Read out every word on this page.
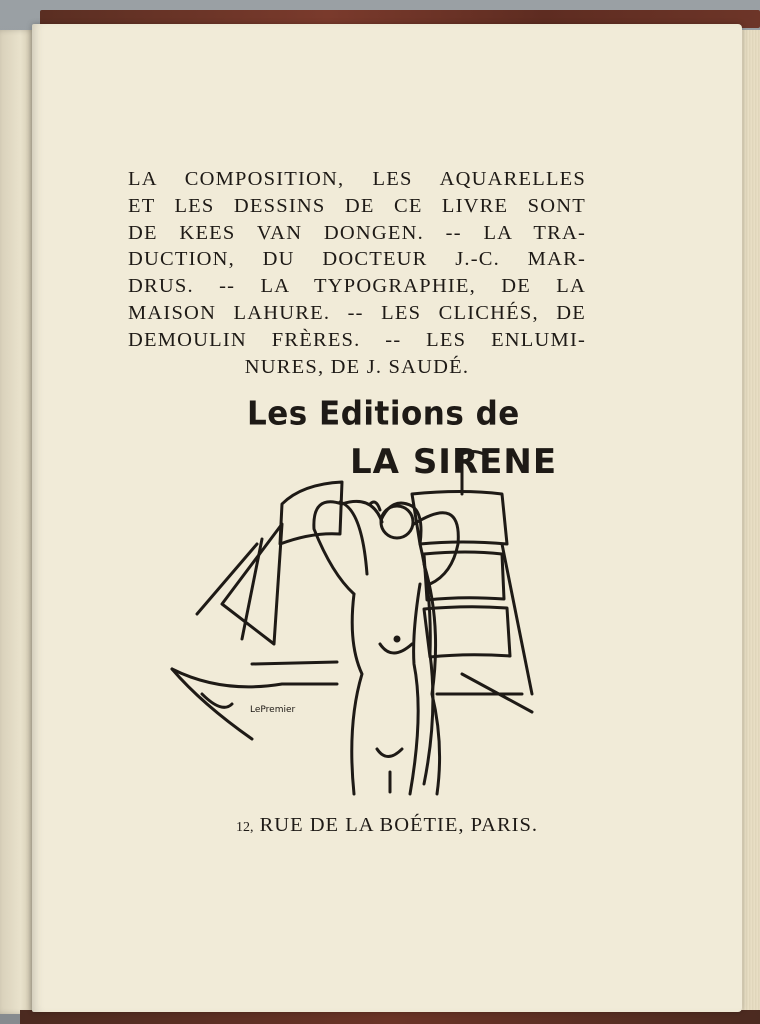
LA COMPOSITION, LES AQUARELLES
ET LES DESSINS DE CE LIVRE SONT
DE KEES VAN DONGEN. -- LA TRA-
DUCTION, DU DOCTEUR J.-C. MAR-
DRUS. -- LA TYPOGRAPHIE, DE LA
MAISON LAHURE. -- LES CLICHÉS, DE
DEMOULIN FRÈRES. -- LES ENLUMI-
NURES, DE J. SAUDÉ.
LePremier
Les Editions de
LA SIRENE
12, RUE DE LA BOÉTIE, PARIS.
